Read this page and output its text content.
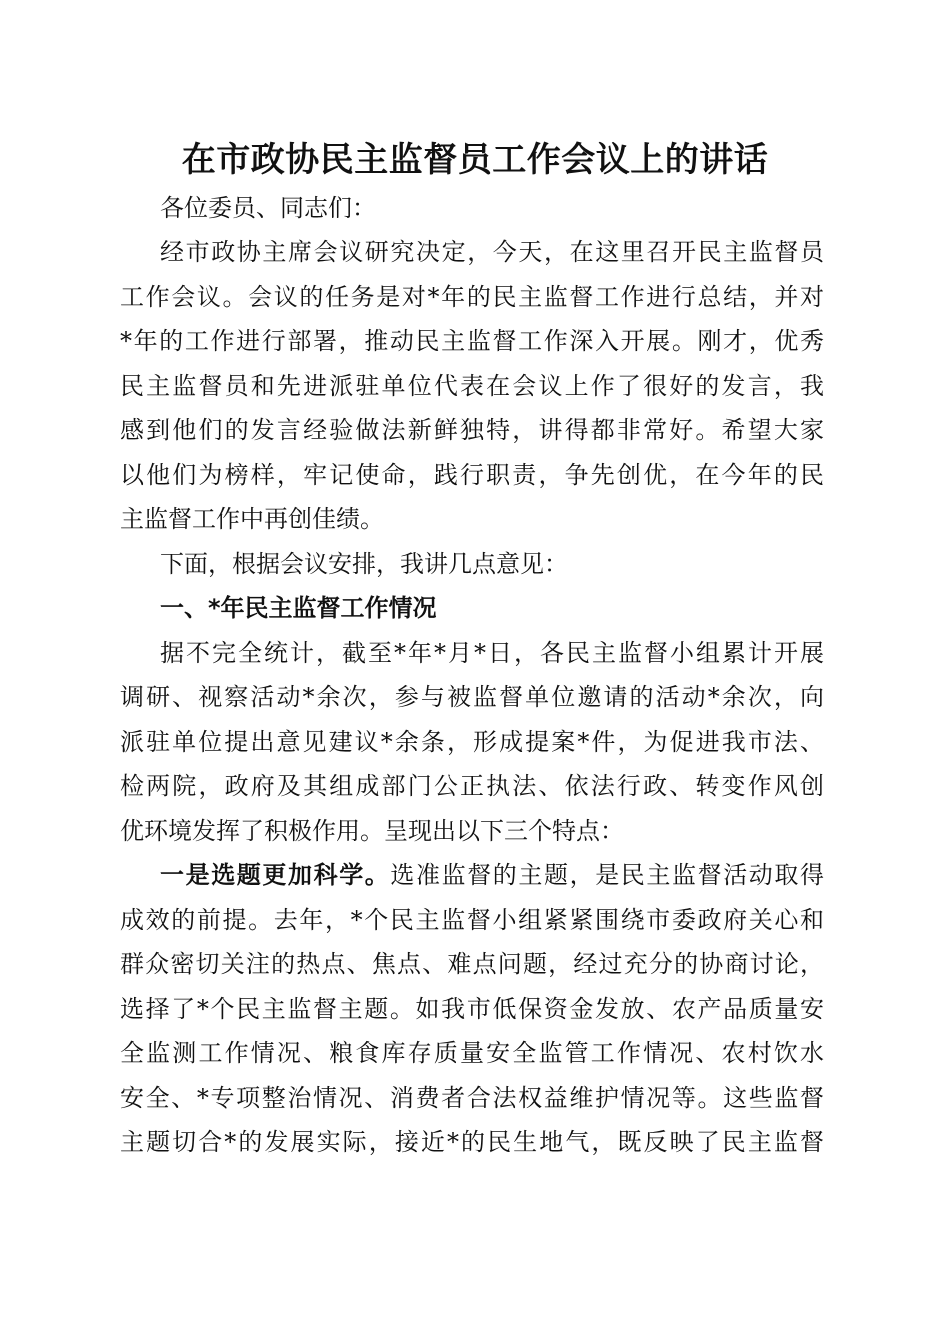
在市政协民主监督员工作会议上的讲话
各位委员、同志们：
经市政协主席会议研究决定，今天，在这里召开民主监督员
工作会议。会议的任务是对*年的民主监督工作进行总结，并对
*年的工作进行部署，推动民主监督工作深入开展。刚才，优秀
民主监督员和先进派驻单位代表在会议上作了很好的发言，我
感到他们的发言经验做法新鲜独特，讲得都非常好。希望大家
以他们为榜样，牢记使命，践行职责，争先创优，在今年的民
主监督工作中再创佳绩。
下面，根据会议安排，我讲几点意见：
一、*年民主监督工作情况
据不完全统计，截至*年*月*日，各民主监督小组累计开展
调研、视察活动*余次，参与被监督单位邀请的活动*余次，向
派驻单位提出意见建议*余条，形成提案*件，为促进我市法、
检两院，政府及其组成部门公正执法、依法行政、转变作风创
优环境发挥了积极作用。呈现出以下三个特点：
一是选题更加科学。选准监督的主题，是民主监督活动取得
成效的前提。去年，*个民主监督小组紧紧围绕市委政府关心和
群众密切关注的热点、焦点、难点问题，经过充分的协商讨论，
选择了*个民主监督主题。如我市低保资金发放、农产品质量安
全监测工作情况、粮食库存质量安全监管工作情况、农村饮水
安全、*专项整治情况、消费者合法权益维护情况等。这些监督
主题切合*的发展实际，接近*的民生地气，既反映了民主监督
